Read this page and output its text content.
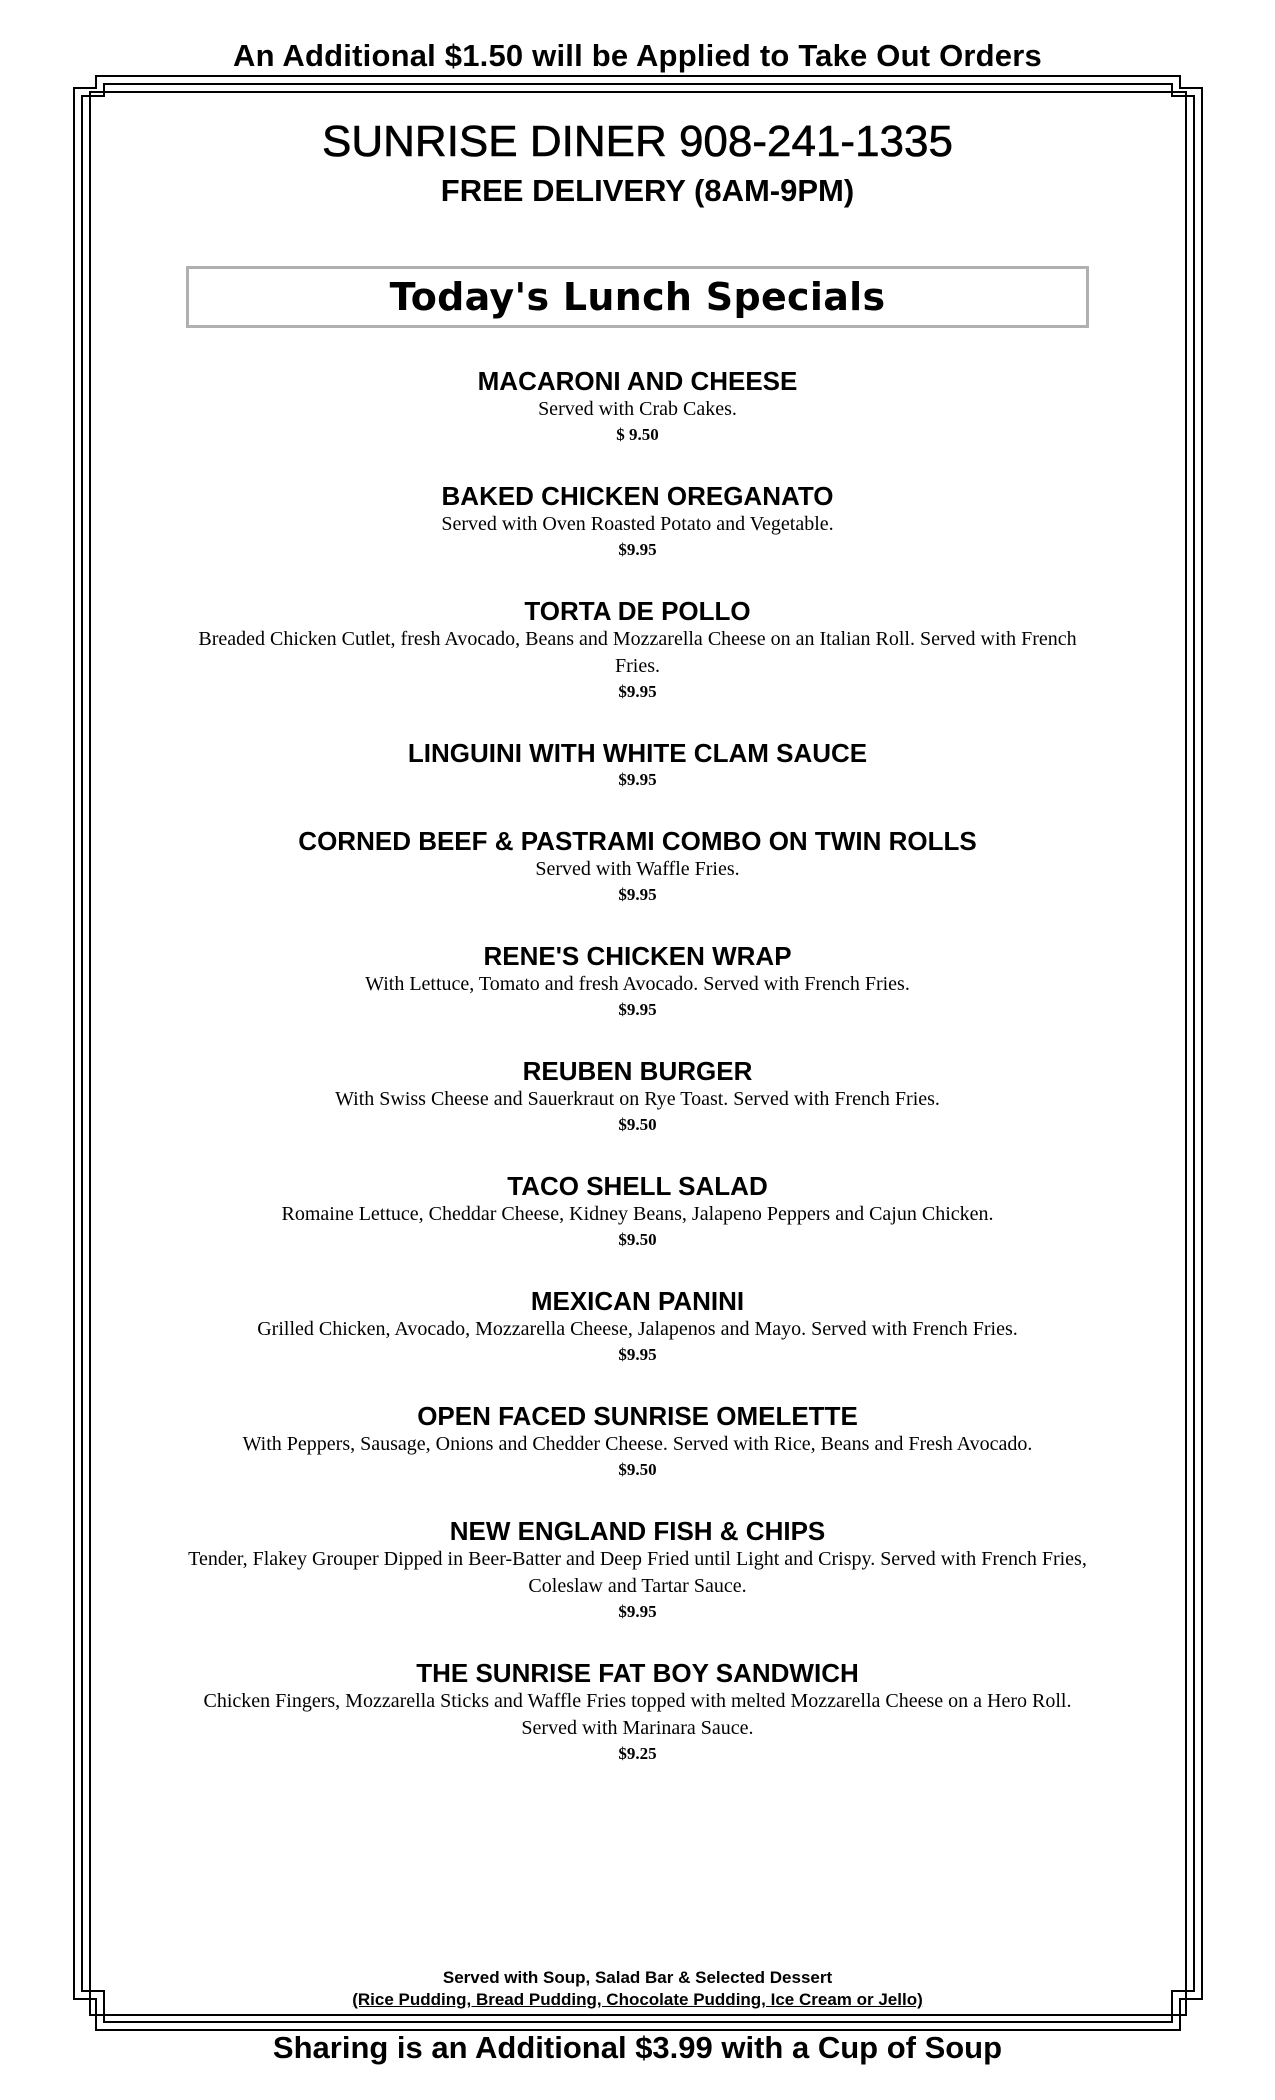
An Additional $1.50 will be Applied to Take Out Orders
SUNRISE DINER 908-241-1335
FREE DELIVERY (8AM-9PM)
Today's Lunch Specials
MACARONI AND CHEESE
Served with Crab Cakes.
$ 9.50
BAKED CHICKEN OREGANATO
Served with Oven Roasted Potato and Vegetable.
$9.95
TORTA DE POLLO
Breaded Chicken Cutlet, fresh Avocado, Beans and Mozzarella Cheese on an Italian Roll. Served with French Fries.
$9.95
LINGUINI WITH WHITE CLAM SAUCE
$9.95
CORNED BEEF & PASTRAMI COMBO ON TWIN ROLLS
Served with Waffle Fries.
$9.95
RENE'S CHICKEN WRAP
With Lettuce, Tomato and fresh Avocado. Served with French Fries.
$9.95
REUBEN BURGER
With Swiss Cheese and Sauerkraut on Rye Toast. Served with French Fries.
$9.50
TACO SHELL SALAD
Romaine Lettuce, Cheddar Cheese, Kidney Beans, Jalapeno Peppers and Cajun Chicken.
$9.50
MEXICAN PANINI
Grilled Chicken, Avocado, Mozzarella Cheese, Jalapenos and Mayo. Served with French Fries.
$9.95
OPEN FACED SUNRISE OMELETTE
With Peppers, Sausage, Onions and Chedder Cheese. Served with Rice, Beans and Fresh Avocado.
$9.50
NEW ENGLAND FISH & CHIPS
Tender, Flakey Grouper Dipped in Beer-Batter and Deep Fried until Light and Crispy. Served with French Fries, Coleslaw and Tartar Sauce.
$9.95
THE SUNRISE FAT BOY SANDWICH
Chicken Fingers, Mozzarella Sticks and Waffle Fries topped with melted Mozzarella Cheese on a Hero Roll. Served with Marinara Sauce.
$9.25
Served with Soup, Salad Bar & Selected Dessert
(Rice Pudding, Bread Pudding, Chocolate Pudding, Ice Cream or Jello)
Sharing is an Additional $3.99 with a Cup of Soup
